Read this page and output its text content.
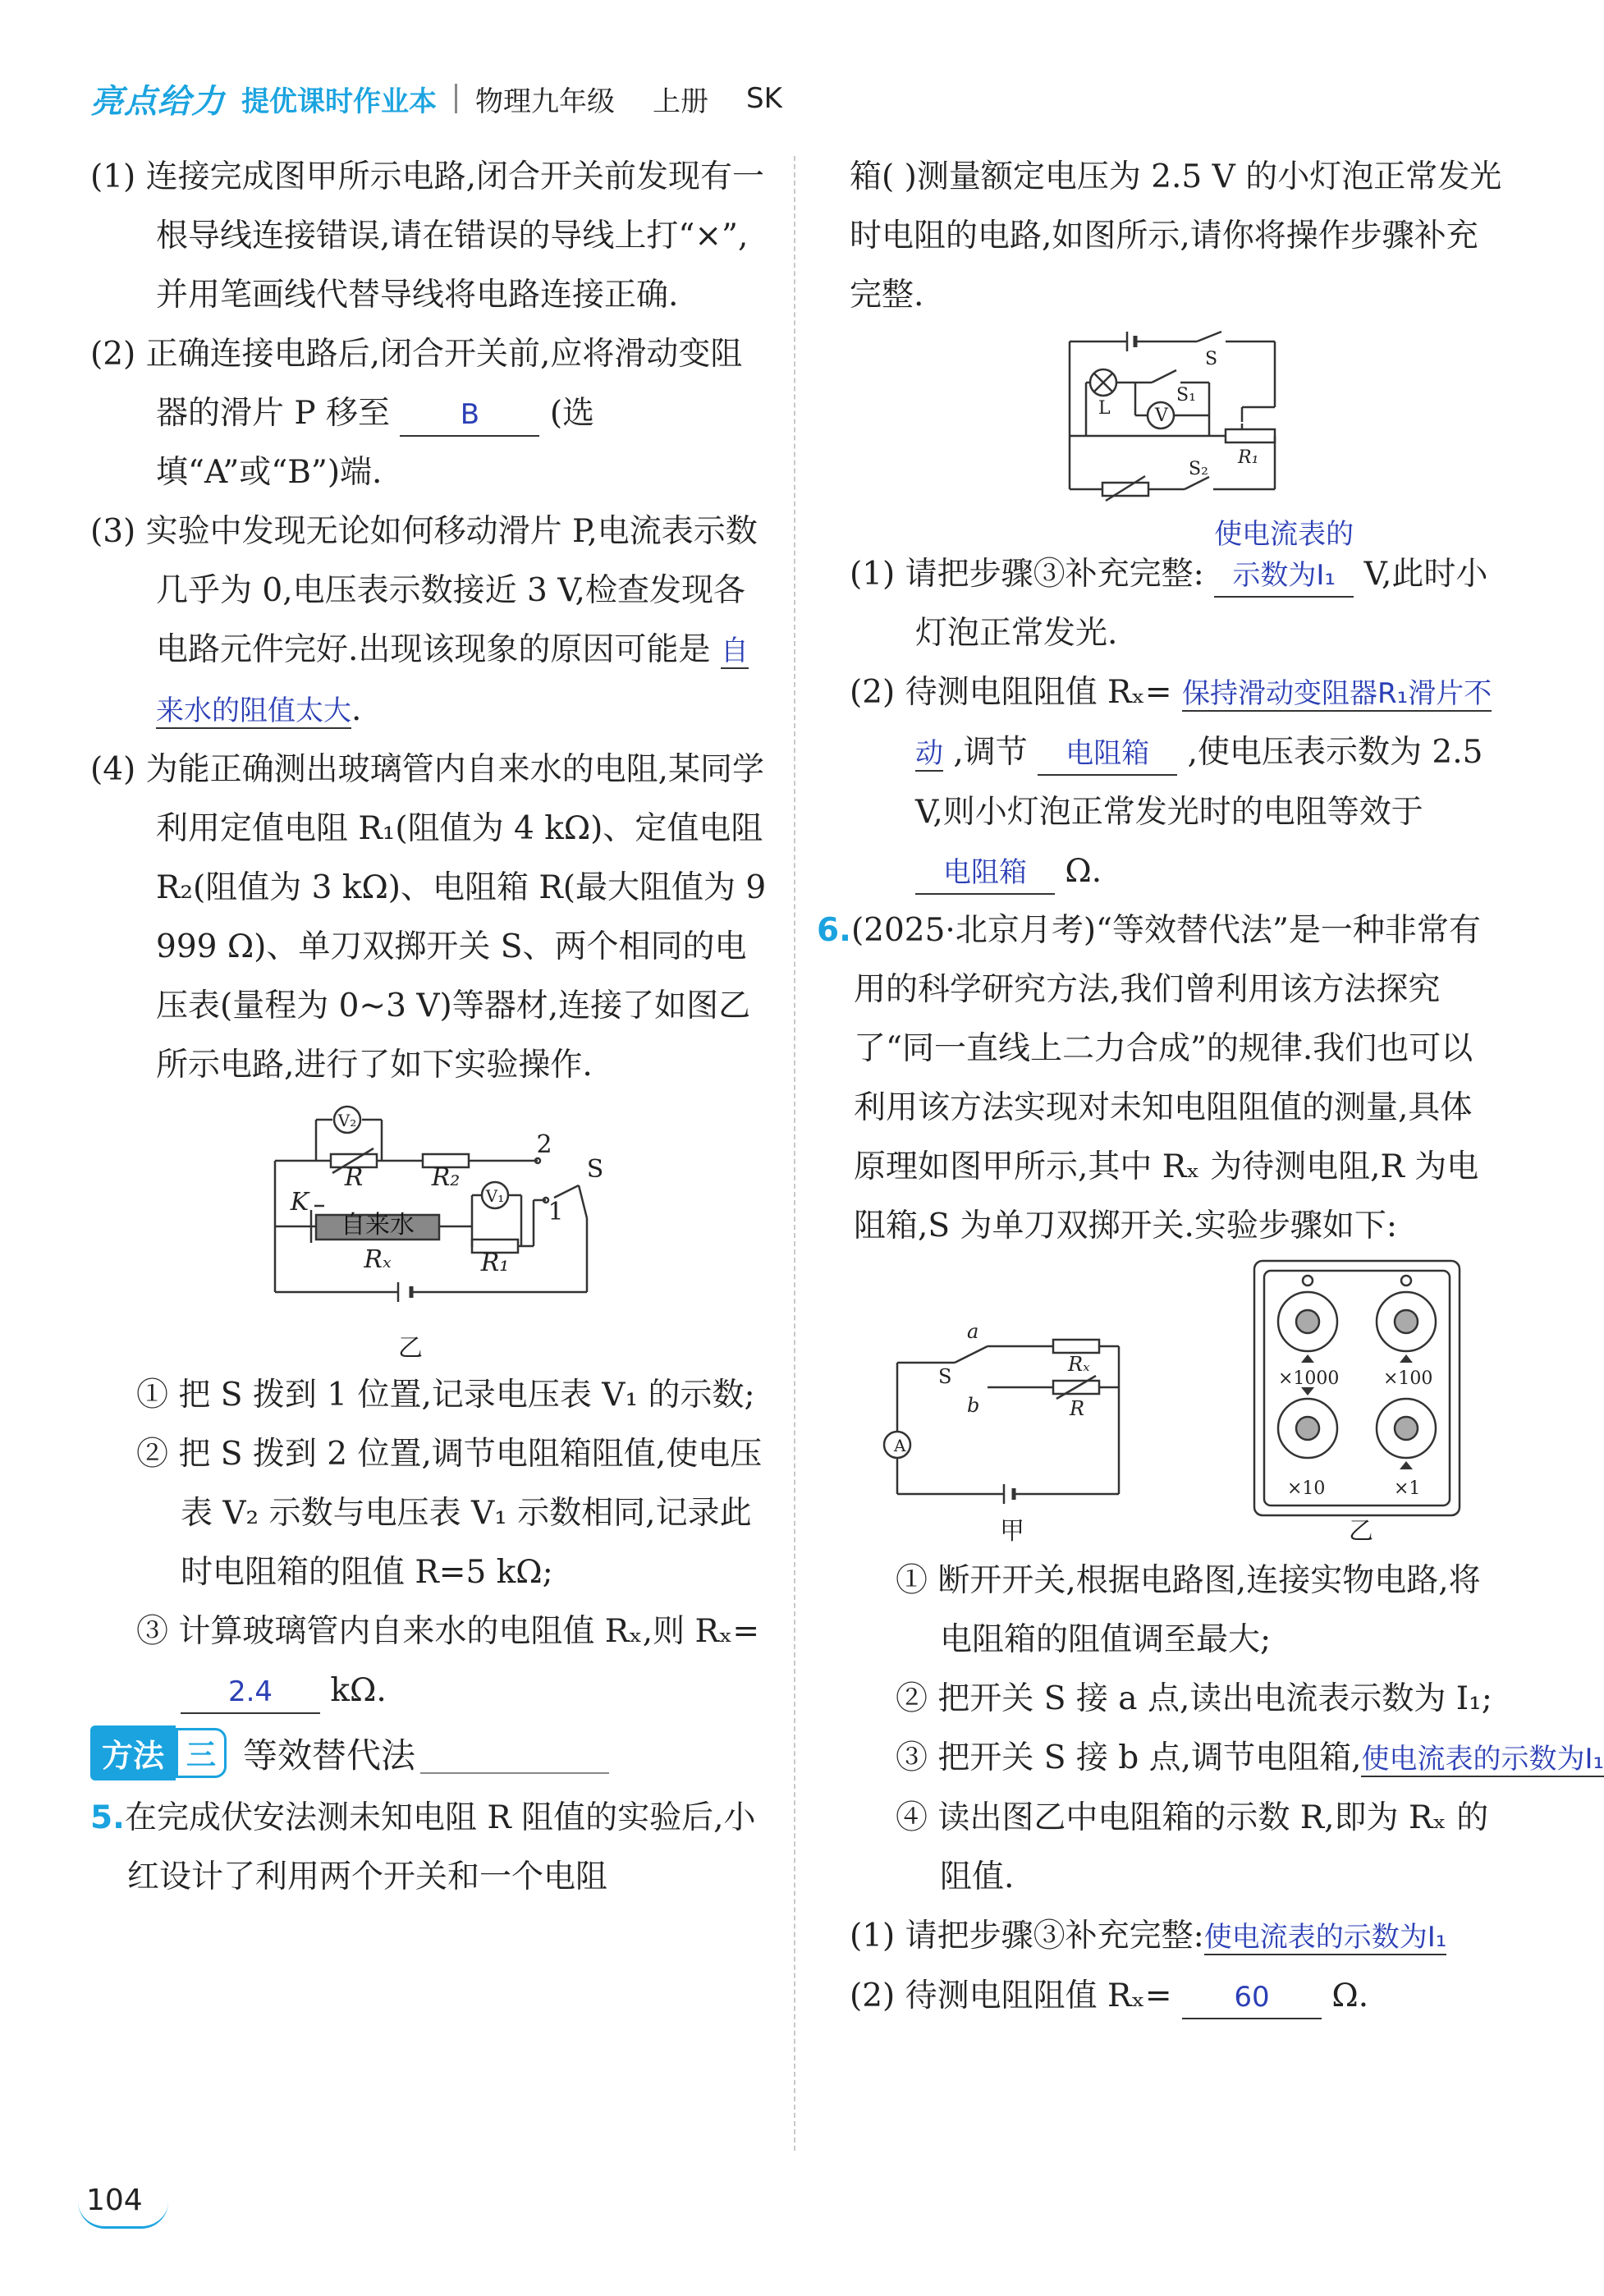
亮点给力 提优课时作业本 物理九年级 上册 SK

(1) 连接完成图甲所示电路,闭合开关前发现有一根导线连接错误,请在错误的导线上打“×”,并用笔画线代替导线将电路连接正确.

(2) 正确连接电路后,闭合开关前,应将滑动变阻器的滑片 P 移至	B (选填“A”或“B”)端.

(3) 实验中发现无论如何移动滑片 P,电流表示数几乎为 0,电压表示数接近 3 V,检查发现各电路元件完好.出现该现象的原因可能是 自来水的阻值太大.

(4) 为能正确测出玻璃管内自来水的电阻,某同学利用定值电阻 R₁(阻值为 4 kΩ)、定值电阻 R₂(阻值为 3 kΩ)、电阻箱 R(最大阻值为 9 999 Ω)、单刀双掷开关 S、两个相同的电压表(量程为 0~3 V)等器材,连接了如图乙所示电路,进行了如下实验操作.

V₂
R	R₂
V₁
R₁
Rₓ
K
自来水
S
2
1
乙

① 把 S 拨到 1 位置,记录电压表 V₁ 的示数;

② 把 S 拨到 2 位置,调节电阻箱阻值,使电压表 V₂ 示数与电压表 V₁ 示数相同,记录此时电阻箱的阻值 R=5 kΩ;

③ 计算玻璃管内自来水的电阻值 Rₓ,则 Rₓ= 2.4 kΩ.

方法 三 等效替代法

5.在完成伏安法测未知电阻 R 阻值的实验后,小红设计了利用两个开关和一个电阻

箱( )测量额定电压为 2.5 V 的小灯泡正常发光时电阻的电路,如图所示,请你将操作步骤补充完整.

S
L
S₁
V
S₂
R₁

(1) 请把步骤③补充完整: 使电流表的示数为I₁ V,此时小灯泡正常发光.

(2) 待测电阻阻值 Rₓ= 保持滑动变阻器R₁滑片不动 ,调节 电阻箱 ,使电压表示数为 2.5 V,则小灯泡正常发光时的电阻等效于 电阻箱 Ω.

6.(2025·北京月考)“等效替代法”是一种非常有用的科学研究方法,我们曾利用该方法探究了“同一直线上二力合成”的规律.我们也可以利用该方法实现对未知电阻阻值的测量,具体原理如图甲所示,其中 Rₓ 为待测电阻,R 为电阻箱,S 为单刀双掷开关.实验步骤如下:

A
a
b
S
Rₓ
R
甲	乙
×1000 ×100
×10	×1

① 断开开关,根据电路图,连接实物电路,将电阻箱的阻值调至最大;

② 把开关 S 接 a 点,读出电流表示数为 I₁;

③ 把开关 S 接 b 点,调节电阻箱,使电流表的示数为I₁

④ 读出图乙中电阻箱的示数 R,即为 Rₓ 的阻值.

(1) 请把步骤③补充完整:使电流表的示数为I₁

(2) 待测电阻阻值 Rₓ= 60 Ω.

104
